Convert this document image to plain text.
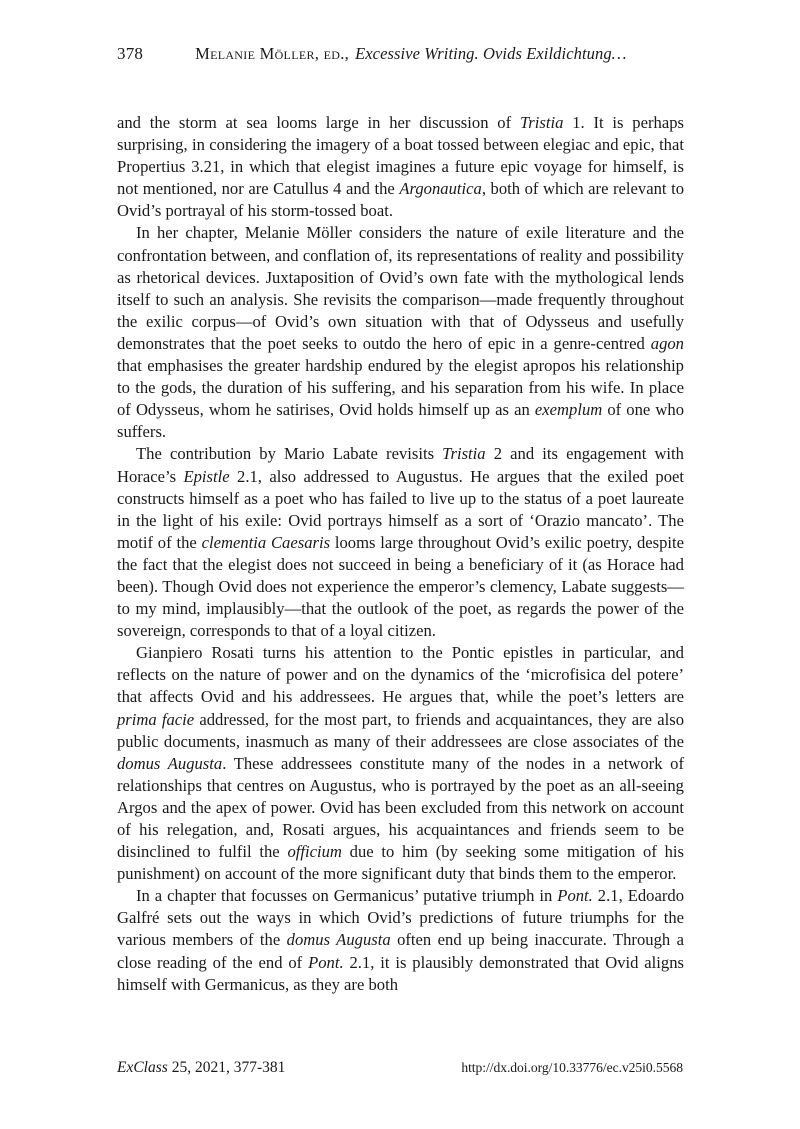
378	Melanie Möller, ed., Excessive Writing. Ovids Exildichtung…

and the storm at sea looms large in her discussion of Tristia 1. It is perhaps surprising, in considering the imagery of a boat tossed between elegiac and epic, that Propertius 3.21, in which that elegist imagines a future epic voyage for himself, is not mentioned, nor are Catullus 4 and the Argonautica, both of which are relevant to Ovid’s portrayal of his storm-tossed boat.

In her chapter, Melanie Möller considers the nature of exile literature and the confrontation between, and conflation of, its representations of reality and possibility as rhetorical devices. Juxtaposition of Ovid’s own fate with the mythological lends itself to such an analysis. She revisits the comparison—made frequently throughout the exilic corpus—of Ovid’s own situation with that of Odysseus and usefully demonstrates that the poet seeks to outdo the hero of epic in a genre-centred agon that emphasises the greater hardship endured by the elegist apropos his relationship to the gods, the duration of his suffering, and his separation from his wife. In place of Odysseus, whom he satirises, Ovid holds himself up as an exemplum of one who suffers.

The contribution by Mario Labate revisits Tristia 2 and its engagement with Horace’s Epistle 2.1, also addressed to Augustus. He argues that the exiled poet constructs himself as a poet who has failed to live up to the status of a poet laureate in the light of his exile: Ovid portrays himself as a sort of ‘Orazio mancato’. The motif of the clementia Caesaris looms large throughout Ovid’s exilic poetry, despite the fact that the elegist does not succeed in being a beneficiary of it (as Horace had been). Though Ovid does not experience the emperor’s clemency, Labate suggests—to my mind, implausibly—that the outlook of the poet, as regards the power of the sovereign, corresponds to that of a loyal citizen.

Gianpiero Rosati turns his attention to the Pontic epistles in particular, and reflects on the nature of power and on the dynamics of the ‘microfisica del potere’ that affects Ovid and his addressees. He argues that, while the poet’s letters are prima facie addressed, for the most part, to friends and acquaintances, they are also public documents, inasmuch as many of their addressees are close associates of the domus Augusta. These addressees constitute many of the nodes in a network of relationships that centres on Augustus, who is portrayed by the poet as an all-seeing Argos and the apex of power. Ovid has been excluded from this network on account of his relegation, and, Rosati argues, his acquaintances and friends seem to be disinclined to fulfil the officium due to him (by seeking some mitigation of his punishment) on account of the more significant duty that binds them to the emperor.

In a chapter that focusses on Germanicus’ putative triumph in Pont. 2.1, Edoardo Galfré sets out the ways in which Ovid’s predictions of future triumphs for the various members of the domus Augusta often end up being inaccurate. Through a close reading of the end of Pont. 2.1, it is plausibly demonstrated that Ovid aligns himself with Germanicus, as they are both

ExClass 25, 2021, 377-381	http://dx.doi.org/10.33776/ec.v25i0.5568
